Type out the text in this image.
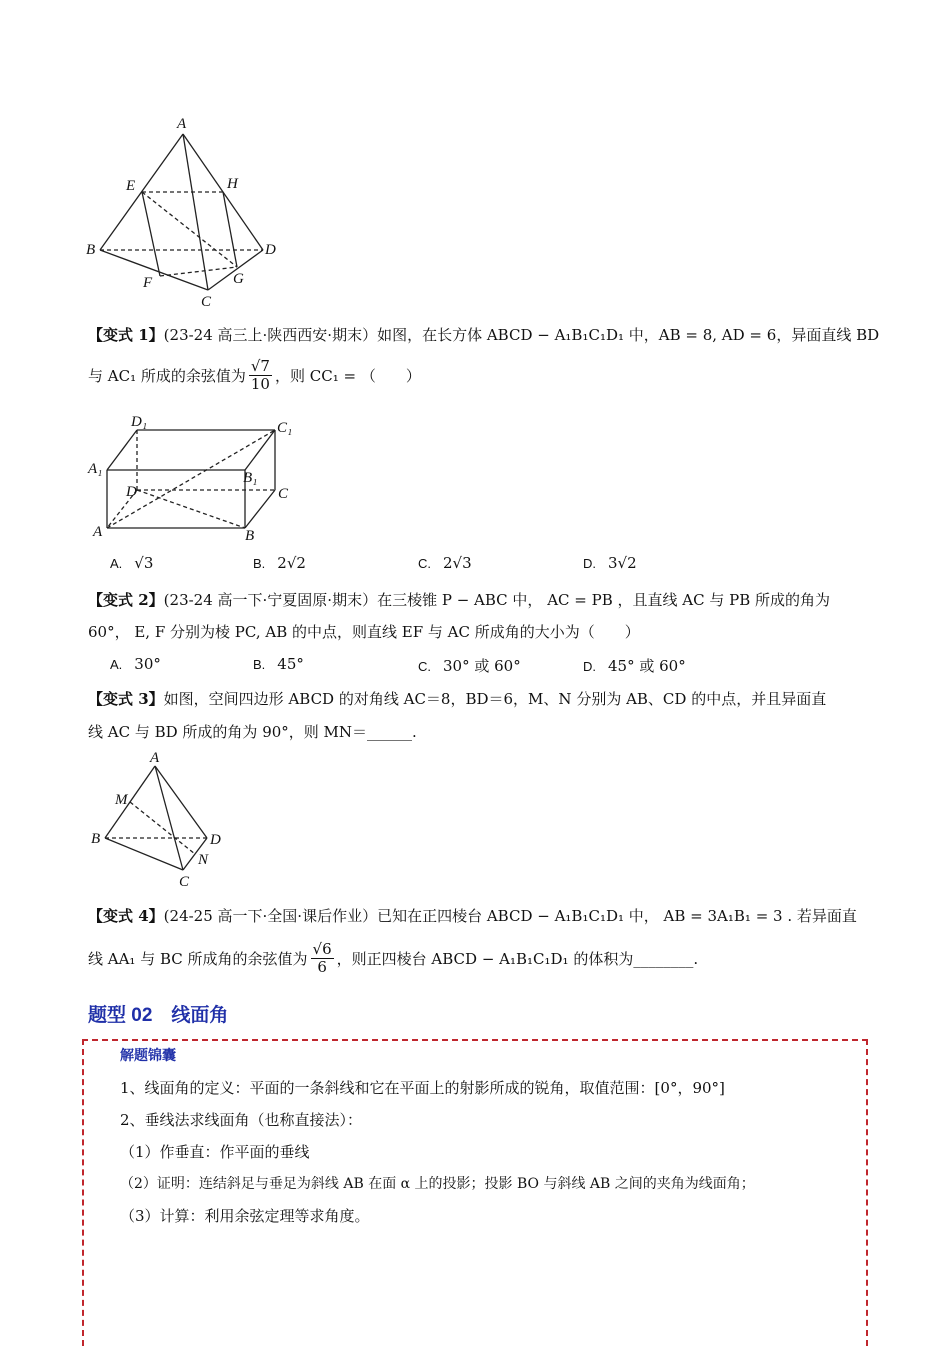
A
E	H
B	D
F	G
C
【变式 1】(23-24 高三上·陕西西安·期末）如图，在长方体 ABCD − A₁B₁C₁D₁ 中，AB = 8, AD = 6，异面直线 BD
与 AC₁ 所成的余弦值为 $\frac{√7}{10}$ ，则 CC₁ = （　　）
D₁	C₁
A₁
B₁
D	C
A	B
A. √3	B. 2√2	C. 2√3	D. 3√2
【变式 2】(23-24 高一下·宁夏固原·期末）在三棱锥 P − ABC 中， AC = PB ，且直线 AC 与 PB 所成的角为
60°， E, F 分别为棱 PC, AB 的中点，则直线 EF 与 AC 所成角的大小为（　　）
A. 30°	B. 45°	C. 30° 或 60°	D. 45° 或 60°
【变式 3】如图，空间四边形 ABCD 的对角线 AC＝8，BD＝6，M、N 分别为 AB、CD 的中点，并且异面直
线 AC 与 BD 所成的角为 90°，则 MN＝______.
A
M
B	D
N
C
【变式 4】(24-25 高一下·全国·课后作业）已知在正四棱台 ABCD − A₁B₁C₁D₁ 中， AB = 3A₁B₁ = 3 . 若异面直
线 AA₁ 与 BC 所成角的余弦值为 $\frac{√6}{6}$ ，则正四棱台 ABCD − A₁B₁C₁D₁ 的体积为________.
题型 02　线面角
解题锦囊
1、线面角的定义：平面的一条斜线和它在平面上的射影所成的锐角，取值范围：[0°，90°]
2、垂线法求线面角（也称直接法）：
（1）作垂直：作平面的垂线
（2）证明：连结斜足与垂足为斜线 AB 在面 α 上的投影；投影 BO 与斜线 AB 之间的夹角为线面角；
（3）计算：利用余弦定理等求角度。
